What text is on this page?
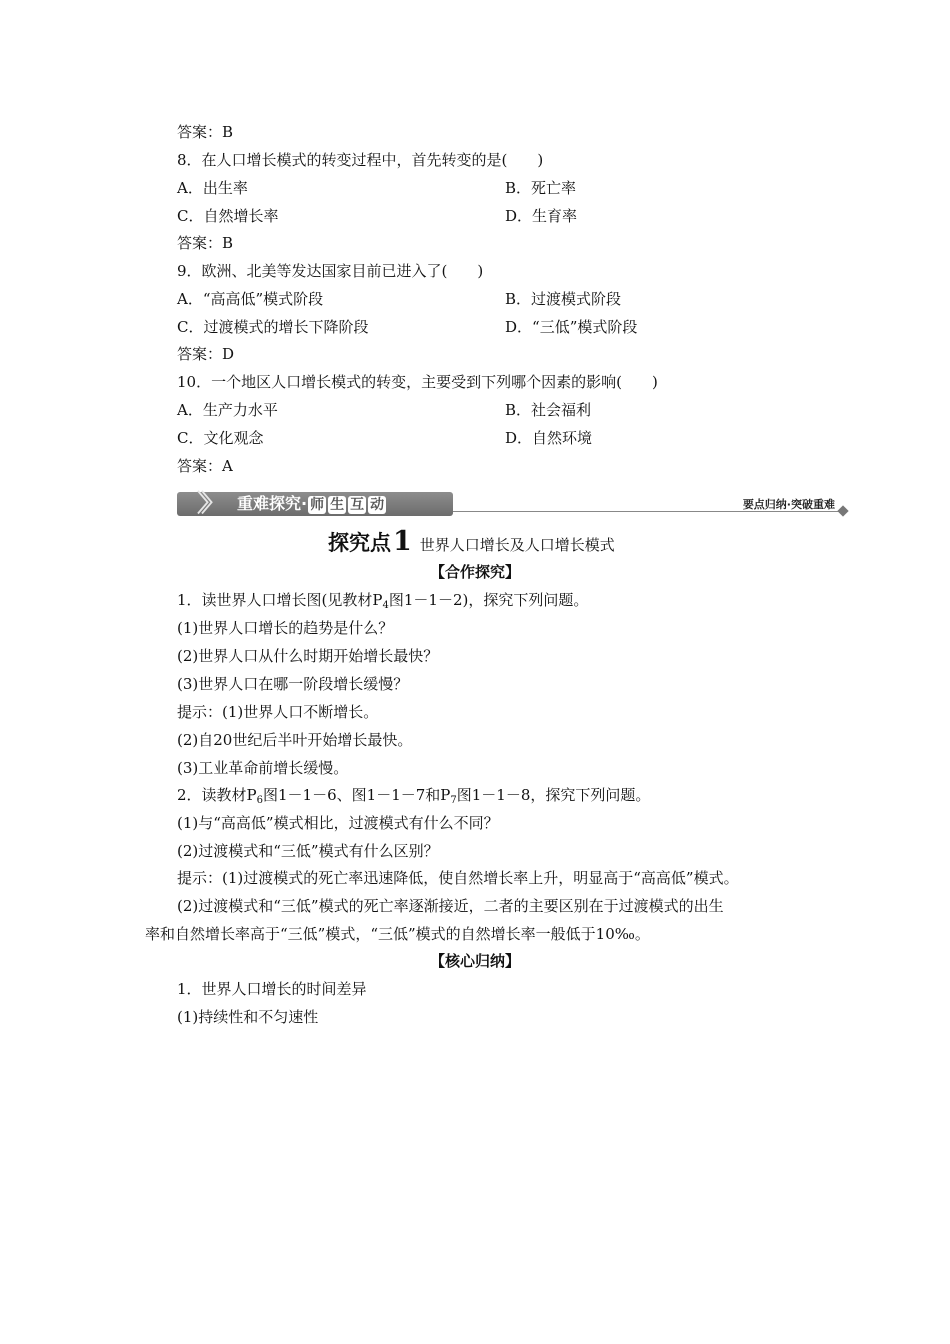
答案：B
8．在人口增长模式的转变过程中，首先转变的是(　　)
A．出生率	B．死亡率
C．自然增长率	D．生育率
答案：B
9．欧洲、北美等发达国家目前已进入了(　　)
A．“高高低”模式阶段	B．过渡模式阶段
C．过渡模式的增长下降阶段	D．“三低”模式阶段
答案：D
10．一个地区人口增长模式的转变，主要受到下列哪个因素的影响(　　)
A．生产力水平	B．社会福利
C．文化观念	D．自然环境
答案：A
〉〉 重难探究· 师 生 互 动	要点归纳·突破重难
探究点1 世界人口增长及人口增长模式
【合作探究】
1．读世界人口增长图(见教材$P_4$图1－1－2)，探究下列问题。
(1)世界人口增长的趋势是什么？
(2)世界人口从什么时期开始增长最快？
(3)世界人口在哪一阶段增长缓慢？
提示：(1)世界人口不断增长。
(2)自20世纪后半叶开始增长最快。
(3)工业革命前增长缓慢。
2．读教材$P_6$图1－1－6、图1－1－7和$P_7$图1－1－8，探究下列问题。
(1)与“高高低”模式相比，过渡模式有什么不同？
(2)过渡模式和“三低”模式有什么区别？
提示：(1)过渡模式的死亡率迅速降低，使自然增长率上升，明显高于“高高低”模式。
(2)过渡模式和“三低”模式的死亡率逐渐接近，二者的主要区别在于过渡模式的出生
率和自然增长率高于“三低”模式，“三低”模式的自然增长率一般低于10‰。
【核心归纳】
1．世界人口增长的时间差异
(1)持续性和不匀速性
